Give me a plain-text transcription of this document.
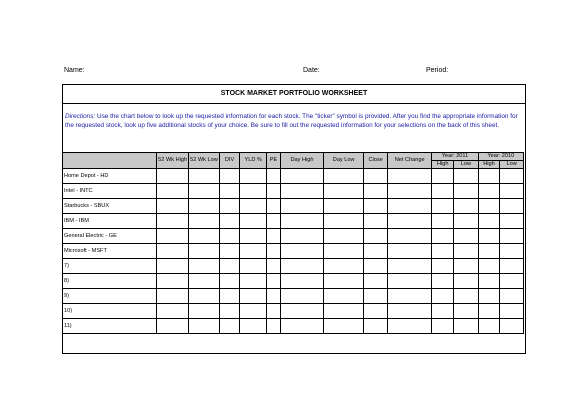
Name:	Date:	Period:
STOCK MARKET PORTFOLIO WORKSHEET
Directions: Use the chart below to look up the requested information for each stock. The "ticker" symbol is provided. After you find the appropriate information for the requested stock, look up five additional stocks of your choice. Be sure to fill out the requested information for your selections on the back of this sheet.
	52 Wk High	52 Wk Low	DIV	YLD %	PE	Day High	Day Low	Close	Net Change	Year: 2011		Year: 2010	
										High	Low	High	Low
Home Depot - HD													
Intel - INTC													
Starbucks - SBUX													
IBM - IBM													
General Electric - GE													
Microsoft - MSFT													
7)													
8)													
9)													
10)													
11)													
